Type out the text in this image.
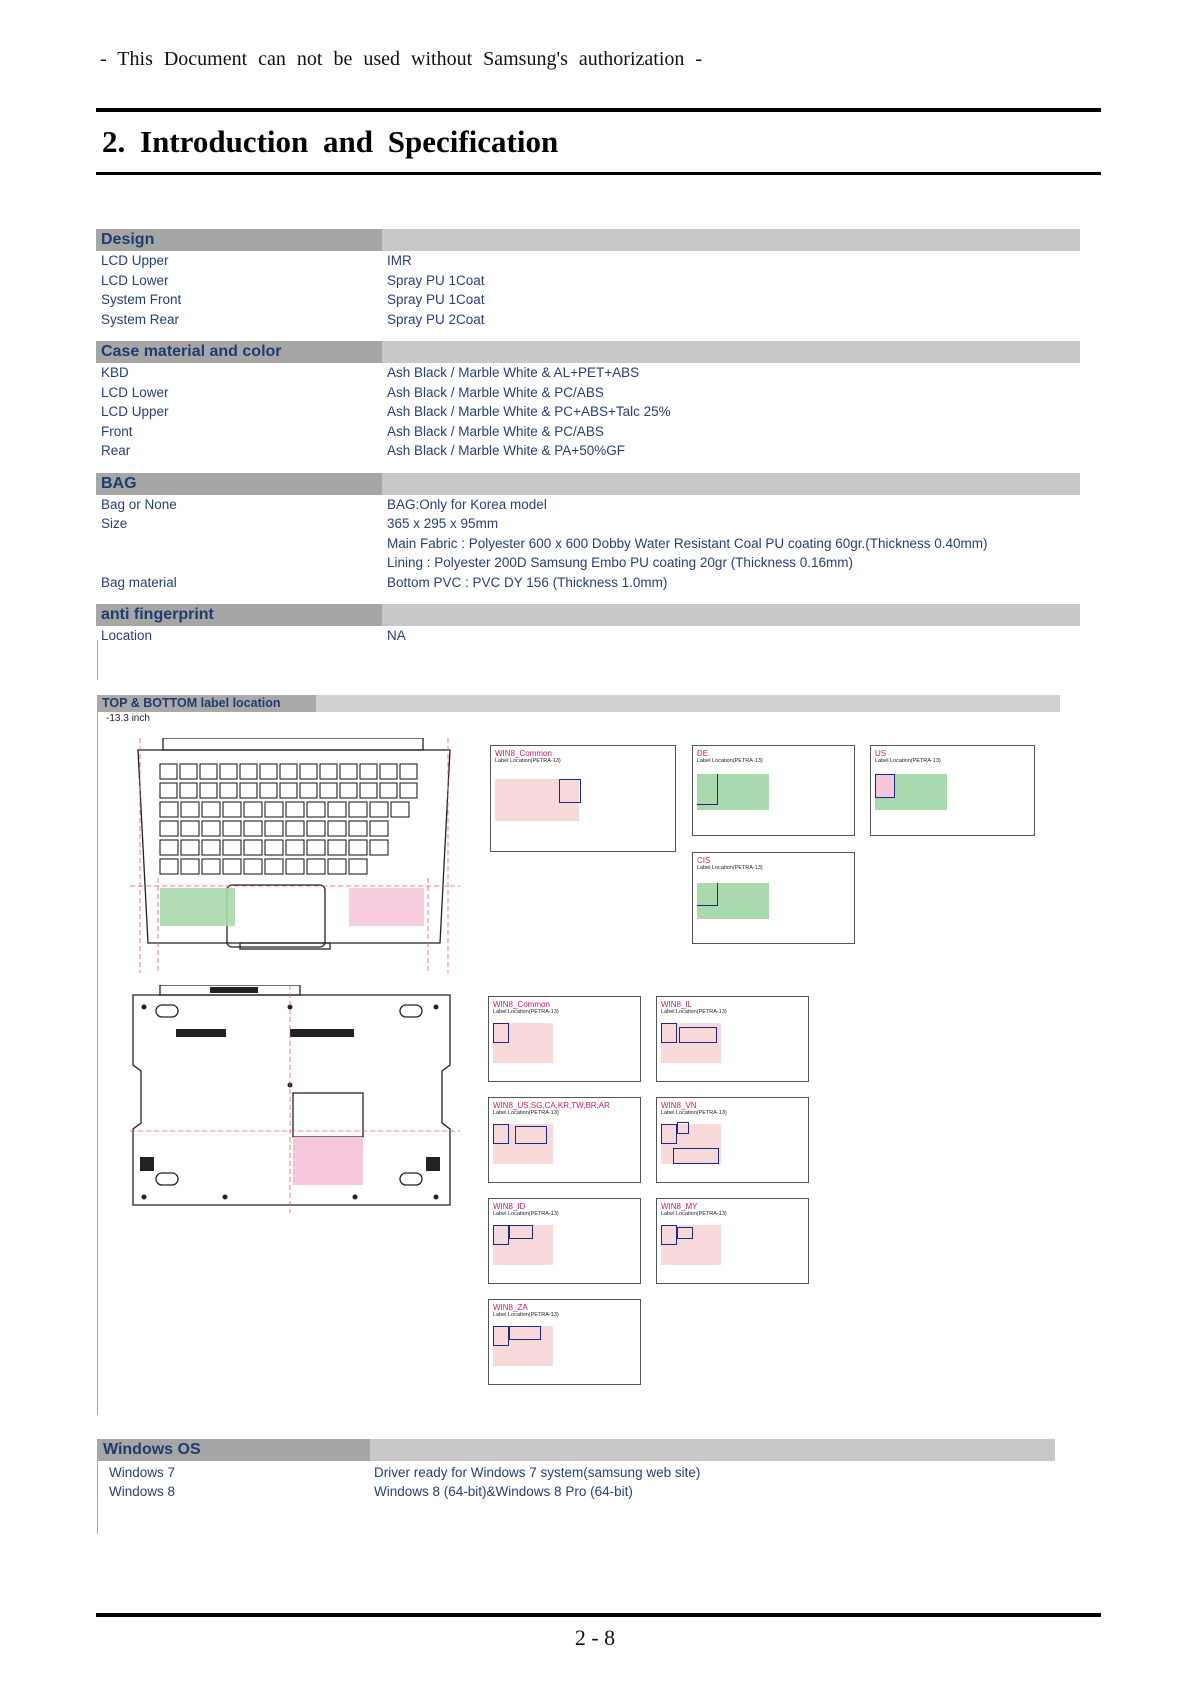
- This Document can not be used without Samsung's authorization -
2. Introduction and Specification
Design
LCD Upper	IMR
LCD Lower	Spray PU 1Coat
System Front	Spray PU 1Coat
System Rear	Spray PU 2Coat
Case material and color
KBD	Ash Black / Marble White & AL+PET+ABS
LCD Lower	Ash Black / Marble White & PC/ABS
LCD Upper	Ash Black / Marble White & PC+ABS+Talc 25%
Front	Ash Black / Marble White & PC/ABS
Rear	Ash Black / Marble White & PA+50%GF
BAG
Bag or None	BAG:Only for Korea model
Size	365 x 295 x 95mm
Main Fabric : Polyester 600 x 600 Dobby Water Resistant Coal PU coating 60gr.(Thickness 0.40mm)
Lining : Polyester 200D Samsung Embo PU coating 20gr (Thickness 0.16mm)
Bag material	Bottom PVC : PVC DY 156 (Thickness 1.0mm)
anti fingerprint
Location	NA
TOP & BOTTOM label location
-13.3 inch
WIN8_Common
Label Location(PETRA-13)
DE
Label Location(PETRA-13)
US
Label Location(PETRA-13)
CIS
Label Location(PETRA-13)
WIN8_Common
Label Location(PETRA-13)
WIN8_IL
Label Location(PETRA-13)
WIN8_US,SG,CA,KR,TW,BR,AR
Label Location(PETRA-13)
WIN8_VN
Label Location(PETRA-13)
WIN8_ID
Label Location(PETRA-13)
WIN8_MY
Label Location(PETRA-13)
WIN8_ZA
Label Location(PETRA-13)
Windows OS
Windows 7	Driver ready for Windows 7 system(samsung web site)
Windows 8	Windows 8 (64-bit)&Windows 8 Pro (64-bit)
2 - 8
